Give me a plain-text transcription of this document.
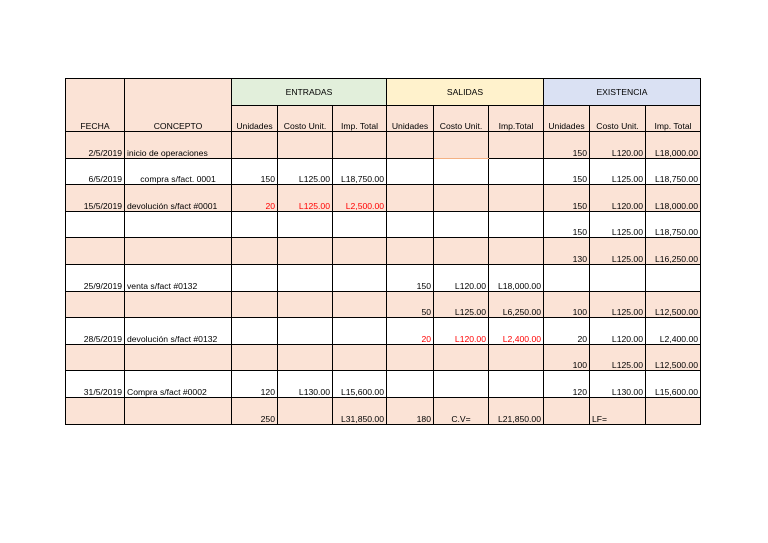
		ENTRADAS			SALIDAS			EXISTENCIA		
FECHA	CONCEPTO	Unidades	Costo Unit.	Imp. Total	Unidades	Costo Unit.	Imp.Total	Unidades	Costo Unit.	Imp. Total
2/5/2019	inicio de operaciones							150	L120.00	L18,000.00
6/5/2019	compra s/fact. 0001	150	L125.00	L18,750.00				150	L125.00	L18,750.00
15/5/2019	devolución s/fact #0001	20	L125.00	L2,500.00				150	L120.00	L18,000.00
								150	L125.00	L18,750.00
								130	L125.00	L16,250.00
25/9/2019	venta s/fact #0132				150	L120.00	L18,000.00			
					50	L125.00	L6,250.00	100	L125.00	L12,500.00
28/5/2019	devolución s/fact #0132				20	L120.00	L2,400.00	20	L120.00	L2,400.00
								100	L125.00	L12,500.00
31/5/2019	Compra s/fact #0002	120	L130.00	L15,600.00				120	L130.00	L15,600.00
		250		L31,850.00	180	C.V=	L21,850.00		LF=	
